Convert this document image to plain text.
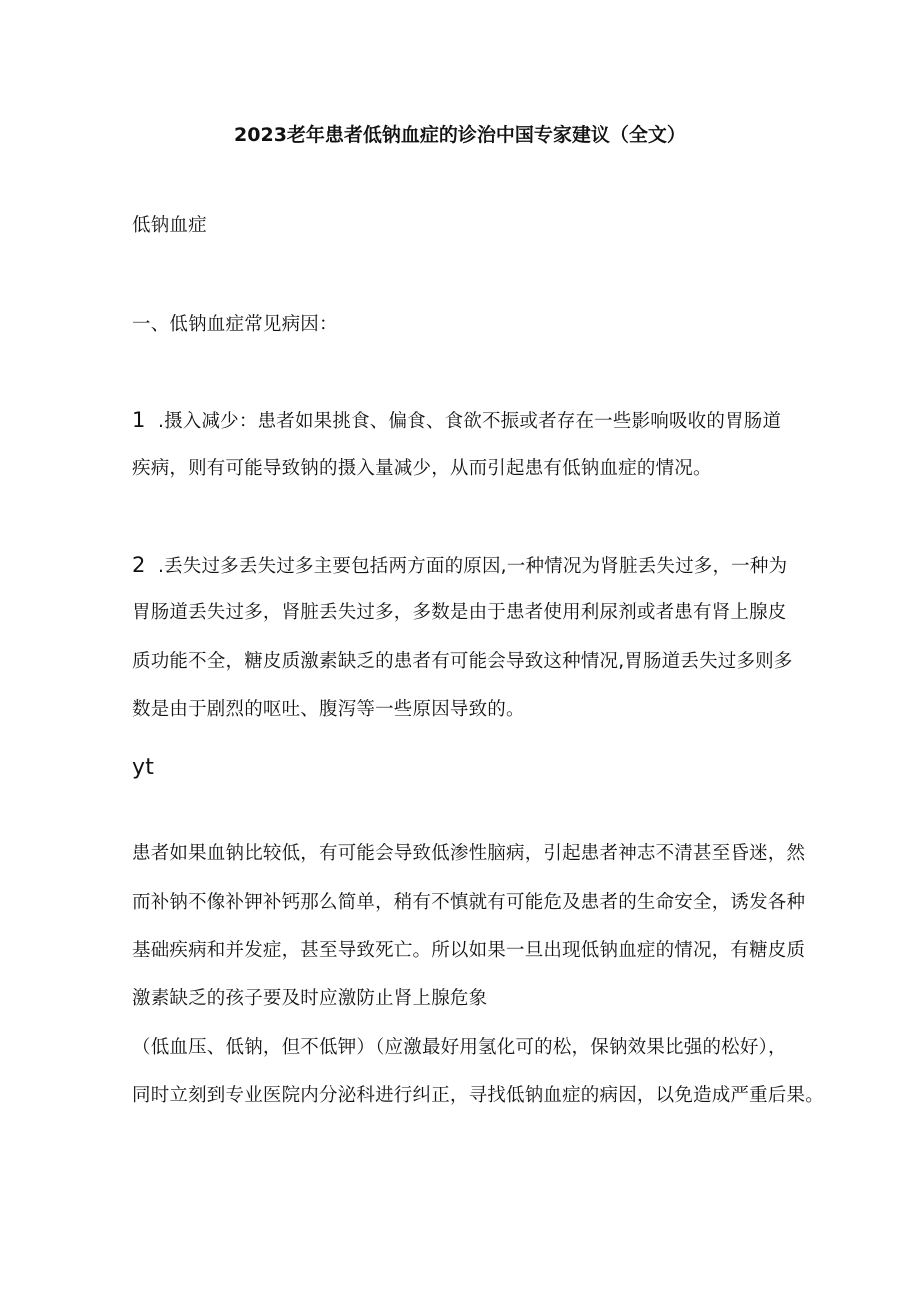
2023老年患者低钠血症的诊治中国专家建议（全文）

低钠血症

一、低钠血症常见病因：

1 .摄入减少：患者如果挑食、偏食、食欲不振或者存在一些影响吸收的胃肠道

疾病，则有可能导致钠的摄入量减少，从而引起患有低钠血症的情况。

2 .丢失过多丢失过多主要包括两方面的原因,一种情况为肾脏丢失过多，一种为

胃肠道丢失过多，肾脏丢失过多，多数是由于患者使用利尿剂或者患有肾上腺皮

质功能不全，糖皮质激素缺乏的患者有可能会导致这种情况,胃肠道丢失过多则多

数是由于剧烈的呕吐、腹泻等一些原因导致的。

yt

患者如果血钠比较低，有可能会导致低渗性脑病，引起患者神志不清甚至昏迷，然

而补钠不像补钾补钙那么简单，稍有不慎就有可能危及患者的生命安全，诱发各种

基础疾病和并发症，甚至导致死亡。所以如果一旦出现低钠血症的情况，有糖皮质

激素缺乏的孩子要及时应激防止肾上腺危象

（低血压、低钠，但不低钾）（应激最好用氢化可的松，保钠效果比强的松好），

同时立刻到专业医院内分泌科进行纠正，寻找低钠血症的病因，以免造成严重后果。
